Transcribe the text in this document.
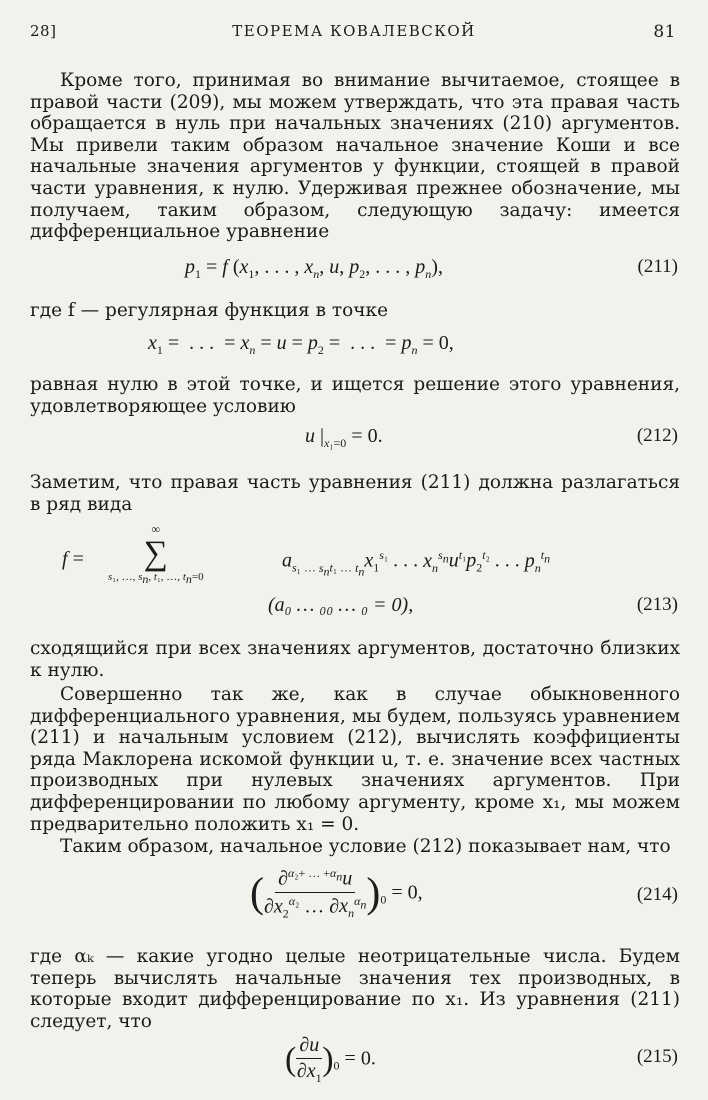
28]	ТЕОРЕМА КОВАЛЕВСКОЙ	81
Кроме того, принимая во внимание вычитаемое, стоящее в правой части (209), мы можем утверждать, что эта правая часть обращается в нуль при начальных значениях (210) аргументов. Мы привели таким образом начальное значение Коши и все начальные значения аргументов у функции, стоящей в правой части уравнения, к нулю. Удерживая прежнее обозначение, мы получаем, таким образом, следующую задачу: имеется дифференциальное уравнение
$p_1 = f$ ($x_1$, . . . , $x_n$, u, $p_2$, . . . , $p_n$),	(211)
где f — регулярная функция в точке
$x_1$ =  . . .  = $x_n = u = p_2$ =  . . .  = $p_n = 0$,
равная нулю в этой точке, и ищется решение этого уравнения, удовлетворяющее условию
u $|_{x_1=0} = 0$.	(212)
Заметим, что правая часть уравнения (211) должна разлагаться в ряд вида
f =
∞
∑
s₁, …, $s_n$, t₁, …, $t_n=0$
$a_{s_1 \dots s_nt_1 \dots t_n}x_1^{s_1}$ . . . $x_n^{s_n}u^{t_1}p_2^{t_2}$ . . . $p_n^{t_n}$
(a₀ … ₀₀ … ₀ = 0),	(213)
сходящийся при всех значениях аргументов, достаточно близких к нулю.
Совершенно так же, как в случае обыкновенного дифференциального уравнения, мы будем, пользуясь уравнением (211) и начальным условием (212), вычислять коэффициенты ряда Маклорена искомой функции u, т. е. значение всех частных производных при нулевых значениях аргументов. При дифференцировании по любому аргументу, кроме x₁, мы можем предварительно положить x₁ = 0.
Таким образом, начальное условие (212) показывает нам, что
( $\frac{\partial^{\alpha_2+ \dots +\alpha_n}u}{\partial x_2^{\alpha_2} \dots \partial x_n^{\alpha_n}} )_0 = 0$,	(214)
где αₖ — какие угодно целые неотрицательные числа. Будем теперь вычислять начальные значения тех производных, в которые входит дифференцирование по x₁. Из уравнения (211) следует, что
( $\frac{\partial u}{\partial x_1} )_0 = 0$.	(215)
